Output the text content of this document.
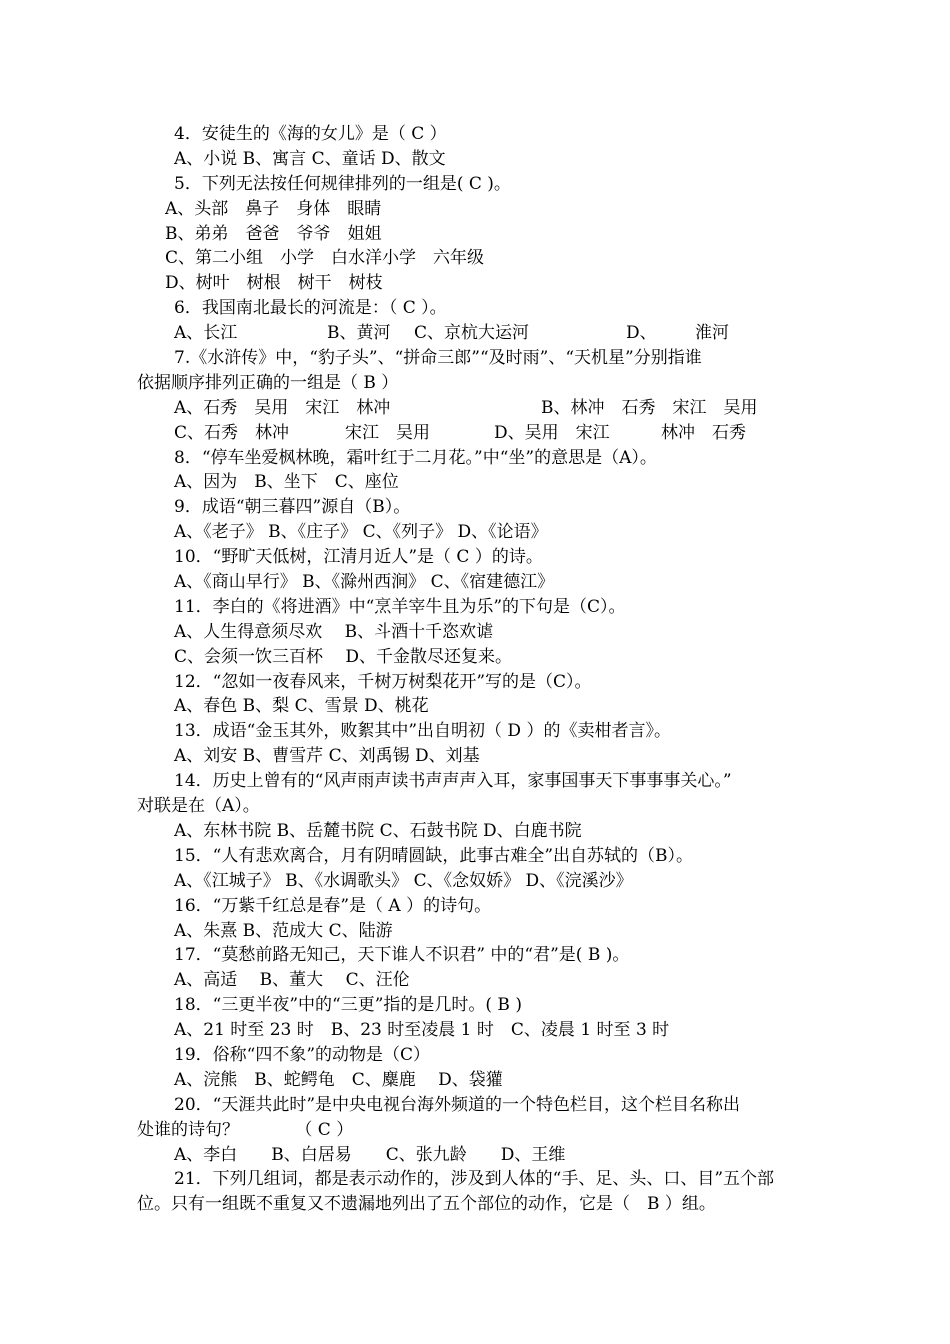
4．安徒生的《海的女儿》是（ C ）
A、小说 B、寓言 C、童话 D、散文
5．下列无法按任何规律排列的一组是( C )。
A、头部　鼻子　身体　眼睛
B、弟弟　爸爸　爷爷　姐姐
C、第二小组　小学　白水洋小学　六年级
D、树叶　树根　树干　树枝
6．我国南北最长的河流是：（ C ）。

A、长江

	B、黄河

C、京杭大运河

	D、

淮河

7.《水浒传》中，“豹子头”、“拼命三郎”“及时雨”、“天机星”分别指谁
依据顺序排列正确的一组是（ B ）

A、石秀　吴用　宋江　林冲

	B、林冲　石秀　宋江　吴用

C、石秀　林冲

	宋江　吴用

	D、吴用　宋江

	林冲　石秀

8．“停车坐爱枫林晚，霜叶红于二月花。”中“坐”的意思是（A）。
A、因为　B、坐下　C、座位
9．成语“朝三暮四”源自（B）。
A、《老子》 B、《庄子》 C、《列子》 D、《论语》
10．“野旷天低树，江清月近人”是（ C ）的诗。
A、《商山早行》 B、《滁州西涧》 C、《宿建德江》
11．李白的《将进酒》中“烹羊宰牛且为乐”的下句是（C）。
A、人生得意须尽欢　 B、斗酒十千恣欢谑
C、会须一饮三百杯　 D、千金散尽还复来。
12．“忽如一夜春风来，千树万树梨花开”写的是（C）。
A、春色 B、梨 C、雪景 D、桃花
13．成语“金玉其外，败絮其中”出自明初（ D ）的《卖柑者言》。
A、刘安 B、曹雪芹 C、刘禹锡 D、刘基
14．历史上曾有的“风声雨声读书声声声入耳，家事国事天下事事事关心。”
对联是在（A）。
A、东林书院 B、岳麓书院 C、石鼓书院 D、白鹿书院
15．“人有悲欢离合，月有阴晴圆缺，此事古难全”出自苏轼的（B）。
A、《江城子》 B、《水调歌头》 C、《念奴娇》 D、《浣溪沙》
16．“万紫千红总是春”是（ A ）的诗句。
A、朱熹 B、范成大 C、陆游
17．“莫愁前路无知己，天下谁人不识君” 中的“君”是( B )。
A、高适　 B、董大　 C、汪伦
18．“三更半夜”中的“三更”指的是几时。( B )
A、21 时至 23 时　B、23 时至凌晨 1 时　C、凌晨 1 时至 3 时
19．俗称“四不象”的动物是（C）
A、浣熊　B、蛇鳄龟　C、麋鹿　 D、袋獾
20．“天涯共此时”是中央电视台海外频道的一个特色栏目，这个栏目名称出
处谁的诗句？　　　 （ C ）
A、李白　　B、白居易　　C、张九龄　　D、王维
21．下列几组词，都是表示动作的，涉及到人体的“手、足、头、口、目”五个部
位。只有一组既不重复又不遗漏地列出了五个部位的动作，它是（　B ）组。
